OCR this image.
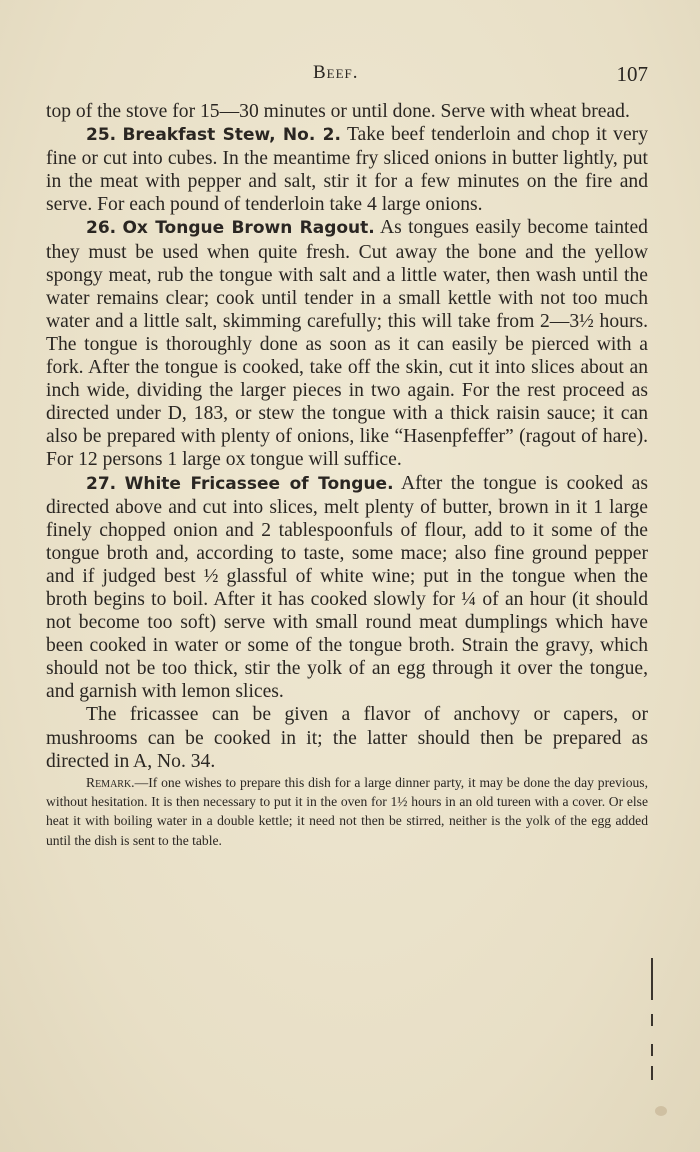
Beef.	107

top of the stove for 15—30 minutes or until done. Serve with wheat bread.

25. Breakfast Stew, No. 2. Take beef tenderloin and chop it very fine or cut into cubes. In the meantime fry sliced onions in butter lightly, put in the meat with pepper and salt, stir it for a few minutes on the fire and serve. For each pound of tenderloin take 4 large onions.

26. Ox Tongue Brown Ragout. As tongues easily become tainted they must be used when quite fresh. Cut away the bone and the yellow spongy meat, rub the tongue with salt and a little water, then wash until the water remains clear; cook until tender in a small kettle with not too much water and a little salt, skimming carefully; this will take from 2—3½ hours. The tongue is thoroughly done as soon as it can easily be pierced with a fork. After the tongue is cooked, take off the skin, cut it into slices about an inch wide, dividing the larger pieces in two again. For the rest proceed as directed under D, 183, or stew the tongue with a thick raisin sauce; it can also be prepared with plenty of onions, like “Hasenpfeffer” (ragout of hare). For 12 persons 1 large ox tongue will suffice.

27. White Fricassee of Tongue. After the tongue is cooked as directed above and cut into slices, melt plenty of butter, brown in it 1 large finely chopped onion and 2 tablespoonfuls of flour, add to it some of the tongue broth and, according to taste, some mace; also fine ground pepper and if judged best ½ glassful of white wine; put in the tongue when the broth begins to boil. After it has cooked slowly for ¼ of an hour (it should not become too soft) serve with small round meat dumplings which have been cooked in water or some of the tongue broth. Strain the gravy, which should not be too thick, stir the yolk of an egg through it over the tongue, and garnish with lemon slices.

The fricassee can be given a flavor of anchovy or capers, or mushrooms can be cooked in it; the latter should then be prepared as directed in A, No. 34.

Remark.—If one wishes to prepare this dish for a large dinner party, it may be done the day previous, without hesitation. It is then necessary to put it in the oven for 1½ hours in an old tureen with a cover. Or else heat it with boiling water in a double kettle; it need not then be stirred, neither is the yolk of the egg added until the dish is sent to the table.
